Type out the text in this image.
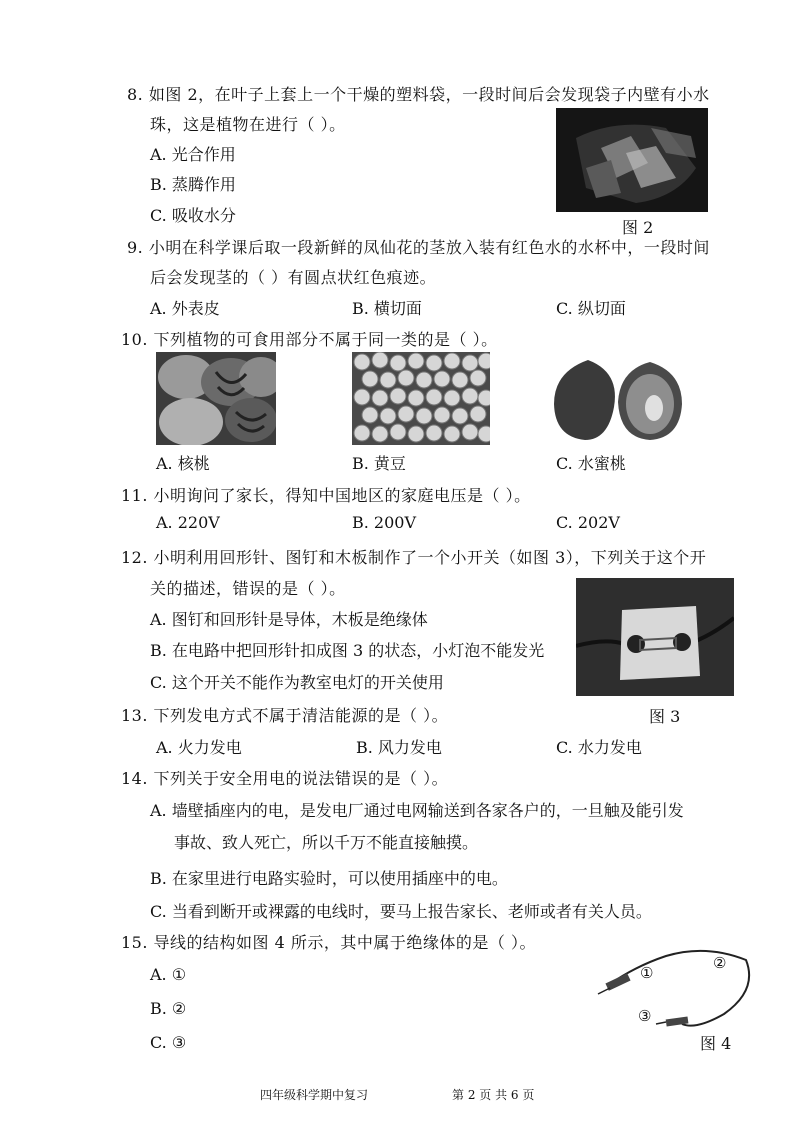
8. 如图 2，在叶子上套上一个干燥的塑料袋，一段时间后会发现袋子内壁有小水
珠，这是植物在进行（ ）。
A. 光合作用
B. 蒸腾作用
C. 吸收水分
图 2
9. 小明在科学课后取一段新鲜的凤仙花的茎放入装有红色水的水杯中，一段时间
后会发现茎的（ ）有圆点状红色痕迹。
A. 外表皮	B. 横切面	C. 纵切面
10. 下列植物的可食用部分不属于同一类的是（ ）。
A. 核桃	B. 黄豆	C. 水蜜桃
11. 小明询问了家长，得知中国地区的家庭电压是（ ）。
A. 220V	B. 200V	C. 202V
12. 小明利用回形针、图钉和木板制作了一个小开关（如图 3），下列关于这个开
关的描述，错误的是（ ）。
A. 图钉和回形针是导体，木板是绝缘体
B. 在电路中把回形针扣成图 3 的状态，小灯泡不能发光
C. 这个开关不能作为教室电灯的开关使用
图 3
13. 下列发电方式不属于清洁能源的是（ ）。
A. 火力发电	B. 风力发电	C. 水力发电
14. 下列关于安全用电的说法错误的是（ ）。
A. 墙壁插座内的电，是发电厂通过电网输送到各家各户的，一旦触及能引发
事故、致人死亡，所以千万不能直接触摸。
B. 在家里进行电路实验时，可以使用插座中的电。
C. 当看到断开或裸露的电线时，要马上报告家长、老师或者有关人员。
15. 导线的结构如图 4 所示，其中属于绝缘体的是（ ）。
A. ①
B. ②
C. ③
①
②
③
图 4
四年级科学期中复习	第 2 页 共 6 页
